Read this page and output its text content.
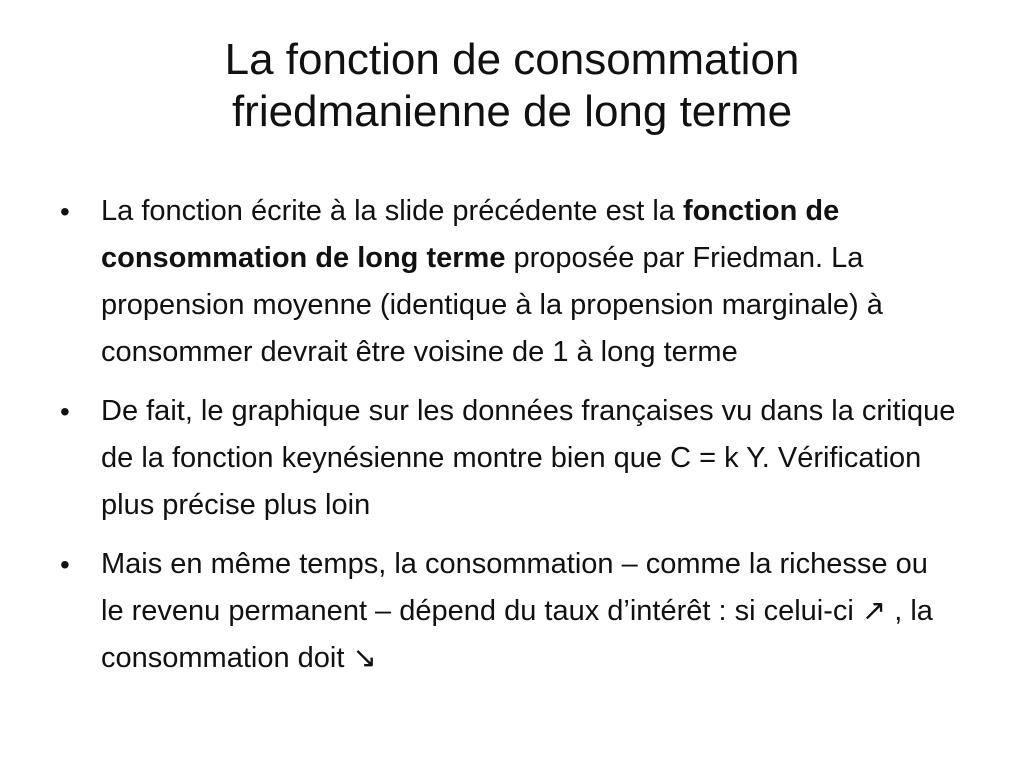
La fonction de consommation
friedmanienne de long terme
• La fonction écrite à la slide précédente est la fonction de consommation de long terme proposée par Friedman. La propension moyenne (identique à la propension marginale) à consommer devrait être voisine de 1 à long terme
• De fait, le graphique sur les données françaises vu dans la critique de la fonction keynésienne montre bien que C = k Y. Vérification plus précise plus loin
• Mais en même temps, la consommation – comme la richesse ou le revenu permanent – dépend du taux d’intérêt : si celui-ci ↗ , la consommation doit ↘
